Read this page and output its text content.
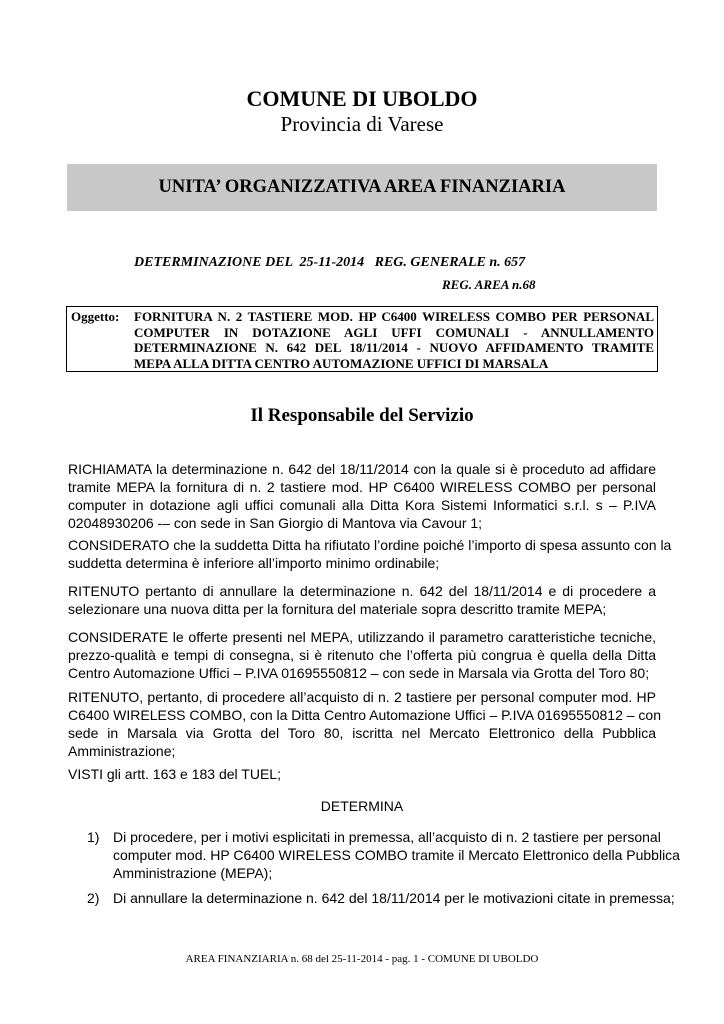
COMUNE DI UBOLDO
Provincia di Varese
UNITA’ ORGANIZZATIVA AREA FINANZIARIA
DETERMINAZIONE DEL  25-11-2014   REG. GENERALE n. 657
REG. AREA n.68
Oggetto: FORNITURA N. 2 TASTIERE MOD. HP C6400 WIRELESS COMBO PER PERSONAL
COMPUTER IN DOTAZIONE AGLI UFFI COMUNALI - ANNULLAMENTO
DETERMINAZIONE N. 642 DEL 18/11/2014 - NUOVO AFFIDAMENTO TRAMITE
MEPA ALLA DITTA CENTRO AUTOMAZIONE UFFICI DI MARSALA
Il Responsabile del Servizio
RICHIAMATA la determinazione n. 642 del 18/11/2014 con la quale si è proceduto ad affidare
tramite MEPA la fornitura di n. 2 tastiere mod. HP C6400 WIRELESS COMBO per personal
computer in dotazione agli uffici comunali alla Ditta Kora Sistemi Informatici s.r.l. s – P.IVA
02048930206 -– con sede in San Giorgio di Mantova via Cavour 1;
CONSIDERATO che la suddetta Ditta ha rifiutato l’ordine poiché l’importo di spesa assunto con la
suddetta determina è inferiore all’importo minimo ordinabile;
RITENUTO pertanto di annullare la determinazione n. 642 del 18/11/2014 e di procedere a
selezionare una nuova ditta per la fornitura del materiale sopra descritto tramite MEPA;
CONSIDERATE le offerte presenti nel MEPA, utilizzando il parametro caratteristiche tecniche,
prezzo-qualità e tempi di consegna, si è ritenuto che l’offerta più congrua è quella della Ditta
Centro Automazione Uffici – P.IVA 01695550812 – con sede in Marsala via Grotta del Toro 80;
RITENUTO, pertanto, di procedere all’acquisto di n. 2 tastiere per personal computer mod. HP
C6400 WIRELESS COMBO, con la Ditta Centro Automazione Uffici – P.IVA 01695550812 – con
sede in Marsala via Grotta del Toro 80, iscritta nel Mercato Elettronico della Pubblica
Amministrazione;
VISTI gli artt. 163 e 183 del TUEL;
DETERMINA
1) Di procedere, per i motivi esplicitati in premessa, all’acquisto di n. 2 tastiere per personal
computer mod. HP C6400 WIRELESS COMBO tramite il Mercato Elettronico della Pubblica
Amministrazione (MEPA);
2) Di annullare la determinazione n. 642 del 18/11/2014 per le motivazioni citate in premessa;
AREA FINANZIARIA n. 68 del 25-11-2014 - pag. 1 - COMUNE DI UBOLDO
